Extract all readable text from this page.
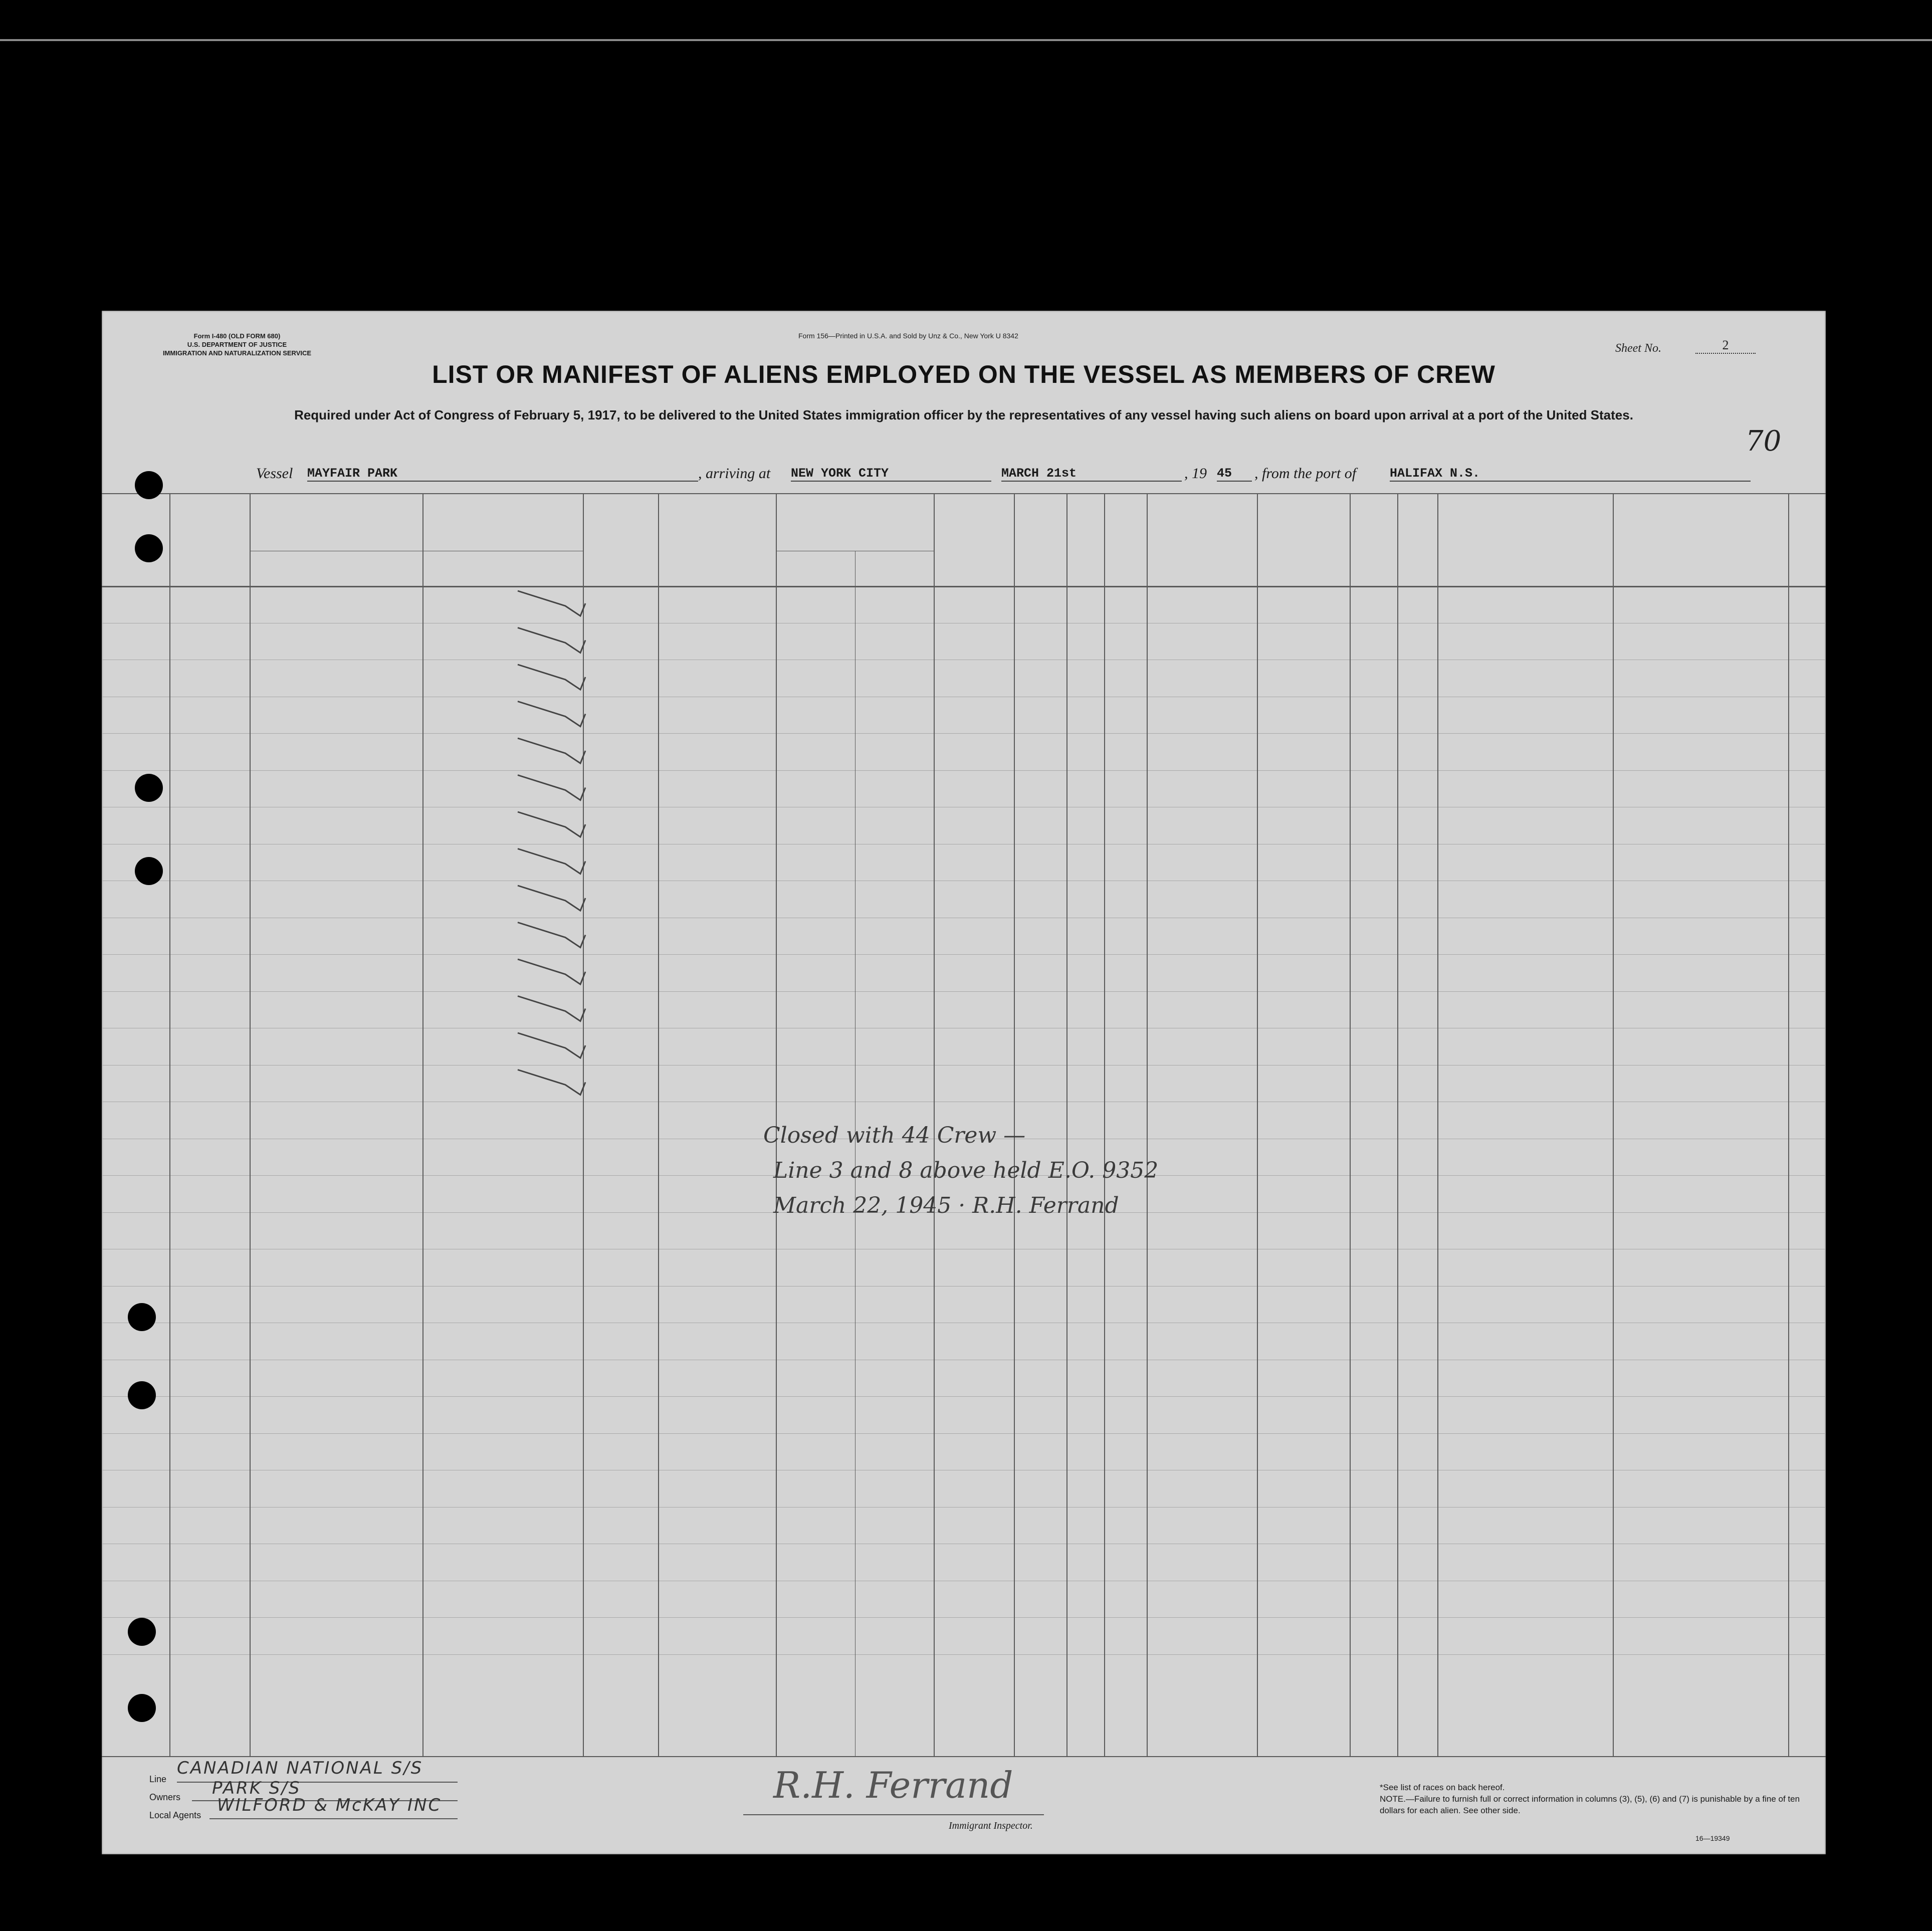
Form I-480 (OLD FORM 680)
U.S. DEPARTMENT OF JUSTICE
IMMIGRATION AND NATURALIZATION SERVICE
Form 156—Printed in U.S.A. and Sold by Unz & Co., New York U 8342
Sheet No.	2
LIST OR MANIFEST OF ALIENS EMPLOYED ON THE VESSEL AS MEMBERS OF CREW
Required under Act of Congress of February 5, 1917, to be delivered to the United States immigration officer by the representatives of any vessel having such aliens on board upon arrival at a port of the United States.
70
Vessel MAYFAIR PARK	, arriving at NEW YORK CITY	MARCH 21st	, 19 45	, from the port of	HALIFAX N.S.
Closed with 44 Crew —
Line 3 and 8 above held E.O. 9352
March 22, 1945 · R.H. Ferrand
Line
CANADIAN NATIONAL S/S
Owners PARK S/S
Local Agents WILFORD & McKAY INC	R.H. Ferrand
Immigrant Inspector.
*See list of races on back hereof.
NOTE.—Failure to furnish full or correct information in columns (3), (5), (6) and (7) is punishable by a fine of ten dollars for each alien. See other side.
16—19349
